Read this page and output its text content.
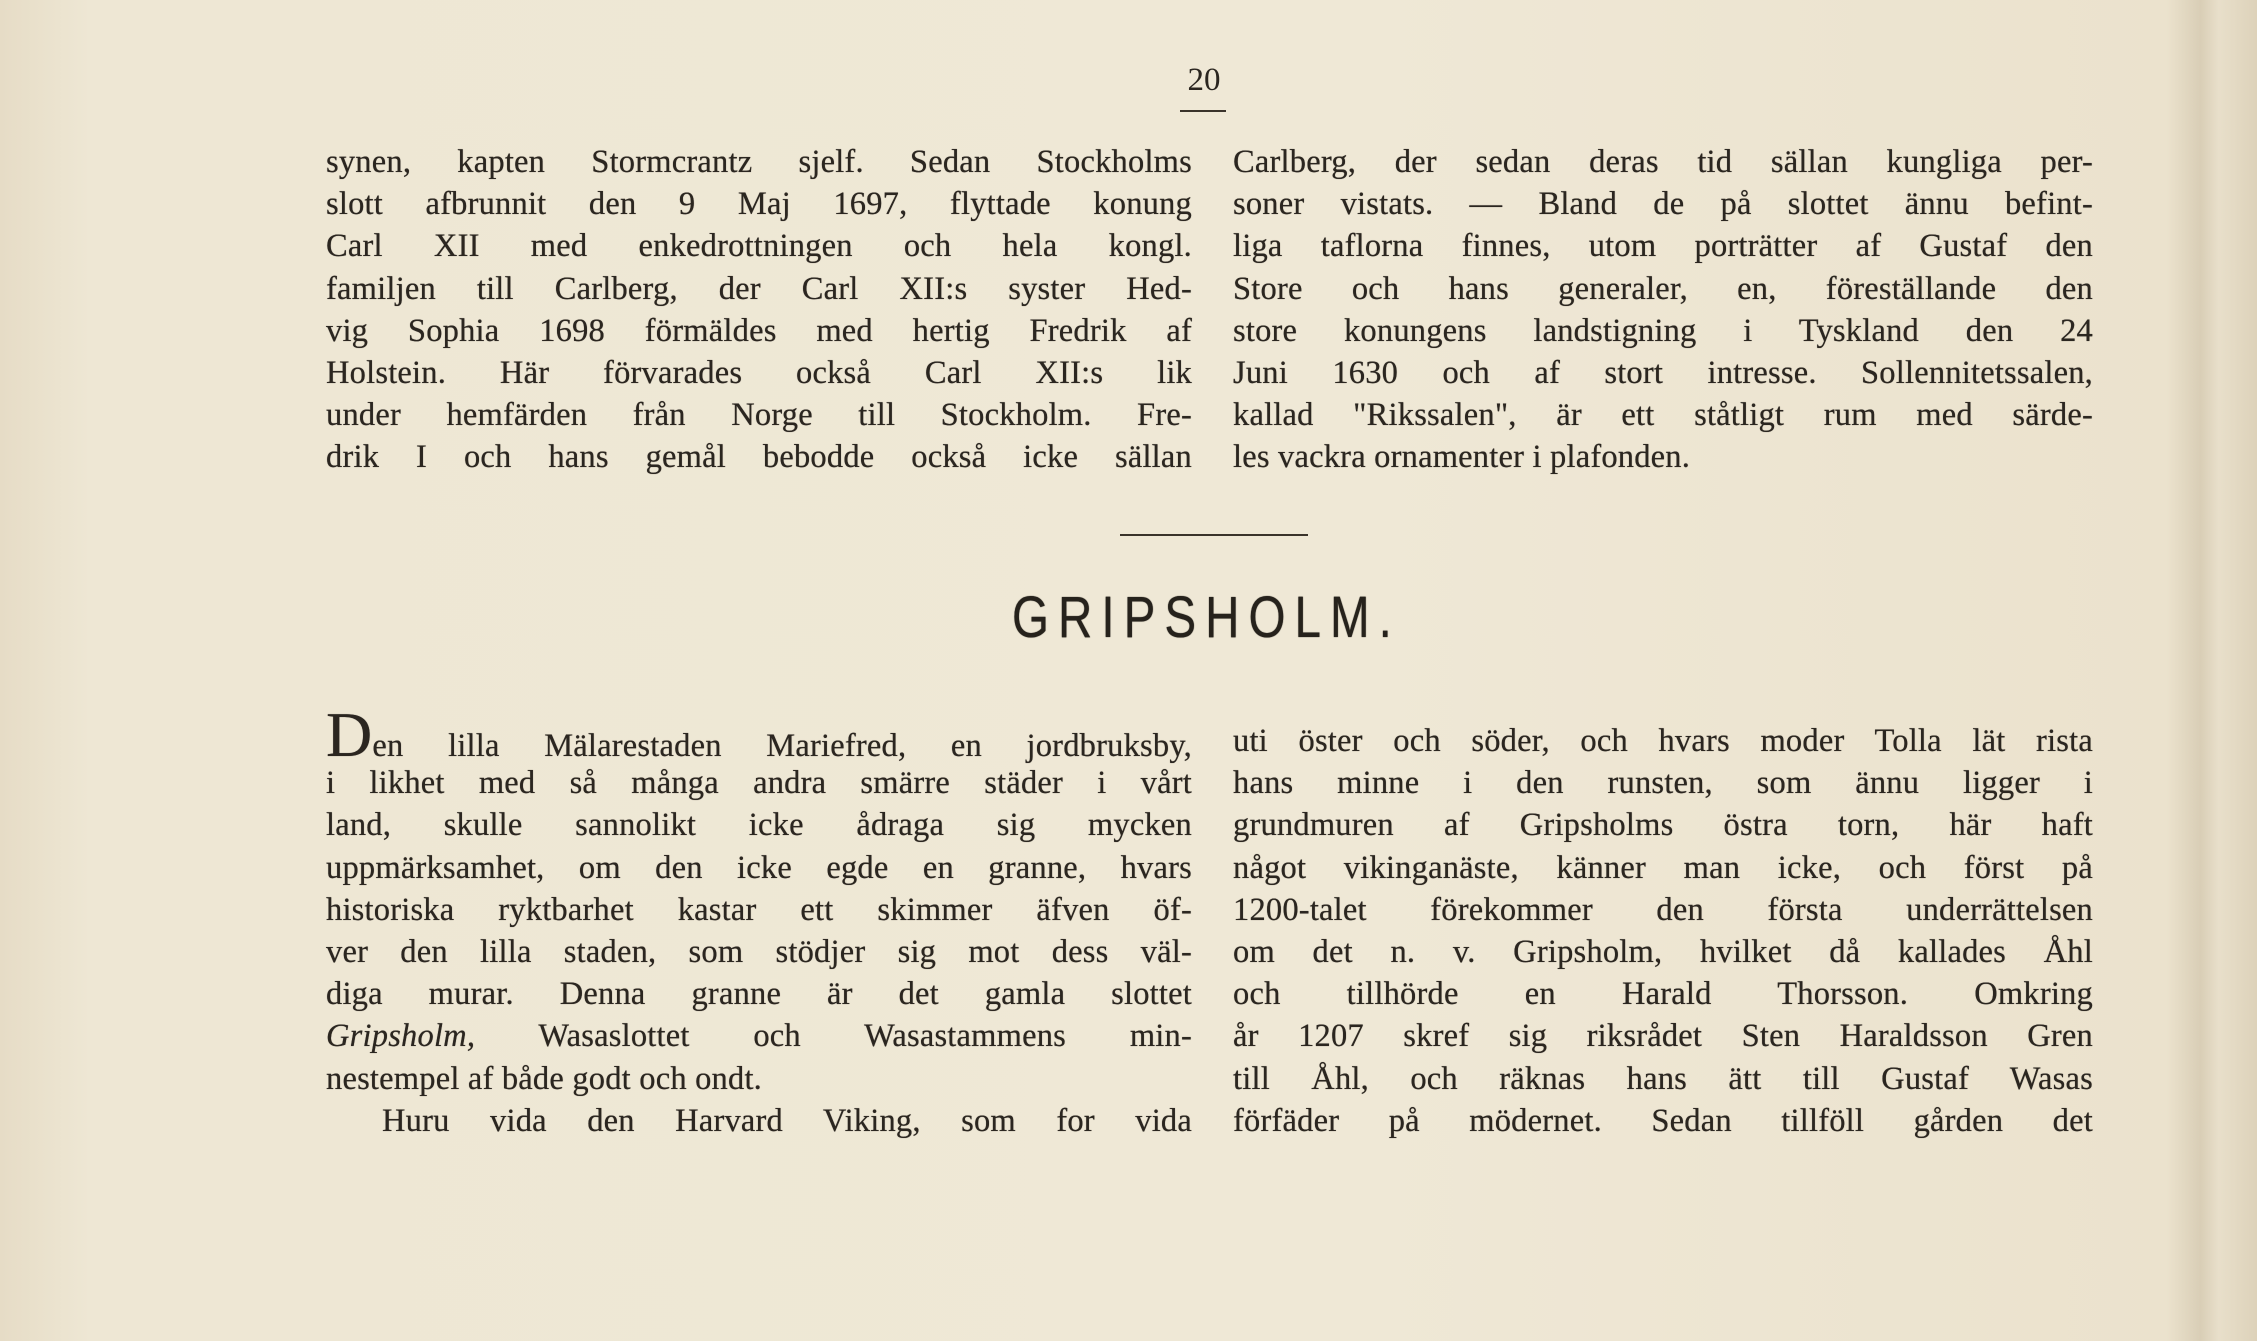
20
synen, kapten Stormcrantz sjelf. Sedan Stockholms
slott afbrunnit den 9 Maj 1697, flyttade konung
Carl XII med enkedrottningen och hela kongl.
familjen till Carlberg, der Carl XII:s syster Hed-
vig Sophia 1698 förmäldes med hertig Fredrik af
Holstein. Här förvarades också Carl XII:s lik
under hemfärden från Norge till Stockholm. Fre-
drik I och hans gemål bebodde också icke sällan
Carlberg, der sedan deras tid sällan kungliga per-
soner vistats. — Bland de på slottet ännu befint-
liga taflorna finnes, utom porträtter af Gustaf den
Store och hans generaler, en, föreställande den
store konungens landstigning i Tyskland den 24
Juni 1630 och af stort intresse. Sollennitetssalen,
kallad "Rikssalen", är ett ståtligt rum med särde-
les vackra ornamenter i plafonden.
GRIPSHOLM.
Den lilla Mälarestaden Mariefred, en jordbruksby,
i likhet med så många andra smärre städer i vårt
land, skulle sannolikt icke ådraga sig mycken
uppmärksamhet, om den icke egde en granne, hvars
historiska ryktbarhet kastar ett skimmer äfven öf-
ver den lilla staden, som stödjer sig mot dess väl-
diga murar. Denna granne är det gamla slottet
Gripsholm, Wasaslottet och Wasastammens min-
nestempel af både godt och ondt.
Huru vida den Harvard Viking, som for vida
uti öster och söder, och hvars moder Tolla lät rista
hans minne i den runsten, som ännu ligger i
grundmuren af Gripsholms östra torn, här haft
något vikinganäste, känner man icke, och först på
1200-talet förekommer den första underrättelsen
om det n. v. Gripsholm, hvilket då kallades Åhl
och tillhörde en Harald Thorsson. Omkring
år 1207 skref sig riksrådet Sten Haraldsson Gren
till Åhl, och räknas hans ätt till Gustaf Wasas
förfäder på mödernet. Sedan tillföll gården det
